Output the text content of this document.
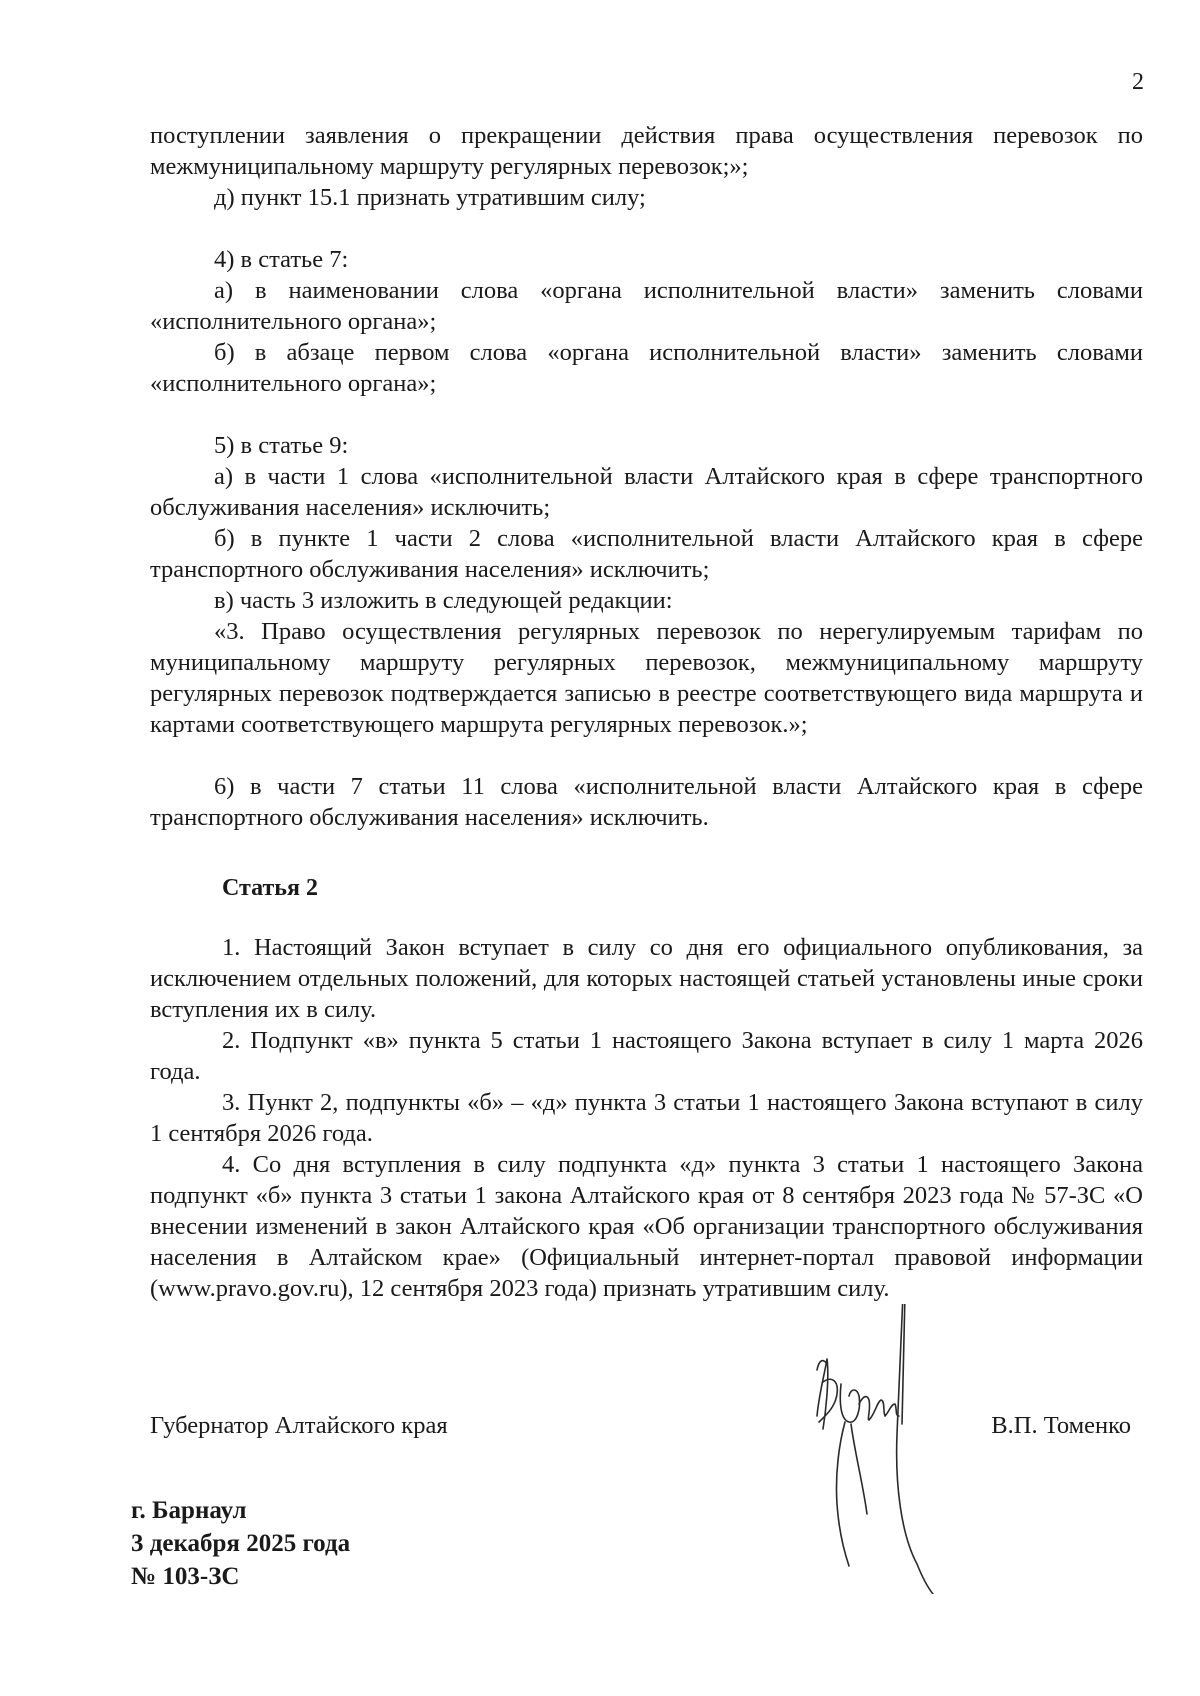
2

поступлении заявления о прекращении действия права осуществления перевозок по межмуниципальному маршруту регулярных перевозок;»;

д) пункт 15.1 признать утратившим силу;

4) в статье 7:

а) в наименовании слова «органа исполнительной власти» заменить словами «исполнительного органа»;

б) в абзаце первом слова «органа исполнительной власти» заменить словами «исполнительного органа»;

5) в статье 9:

а) в части 1 слова «исполнительной власти Алтайского края в сфере транспортного обслуживания населения» исключить;

б) в пункте 1 части 2 слова «исполнительной власти Алтайского края в сфере транспортного обслуживания населения» исключить;

в) часть 3 изложить в следующей редакции:

«3. Право осуществления регулярных перевозок по нерегулируемым тарифам по муниципальному маршруту регулярных перевозок, межмуниципальному маршруту регулярных перевозок подтверждается записью в реестре соответствующего вида маршрута и картами соответствующего маршрута регулярных перевозок.»;

6) в части 7 статьи 11 слова «исполнительной власти Алтайского края в сфере транспортного обслуживания населения» исключить.

Статья 2

1. Настоящий Закон вступает в силу со дня его официального опубликования, за исключением отдельных положений, для которых настоящей статьей установлены иные сроки вступления их в силу.

2. Подпункт «в» пункта 5 статьи 1 настоящего Закона вступает в силу 1 марта 2026 года.

3. Пункт 2, подпункты «б» – «д» пункта 3 статьи 1 настоящего Закона вступают в силу 1 сентября 2026 года.

4. Со дня вступления в силу подпункта «д» пункта 3 статьи 1 настоящего Закона подпункт «б» пункта 3 статьи 1 закона Алтайского края от 8 сентября 2023 года № 57-ЗС «О внесении изменений в закон Алтайского края «Об организации транспортного обслуживания населения в Алтайском крае» (Официальный интернет-портал правовой информации (www.pravo.gov.ru), 12 сентября 2023 года) признать утратившим силу.

Губернатор Алтайского края	В.П. Томенко

г. Барнаул
3 декабря 2025 года
№ 103-ЗС
